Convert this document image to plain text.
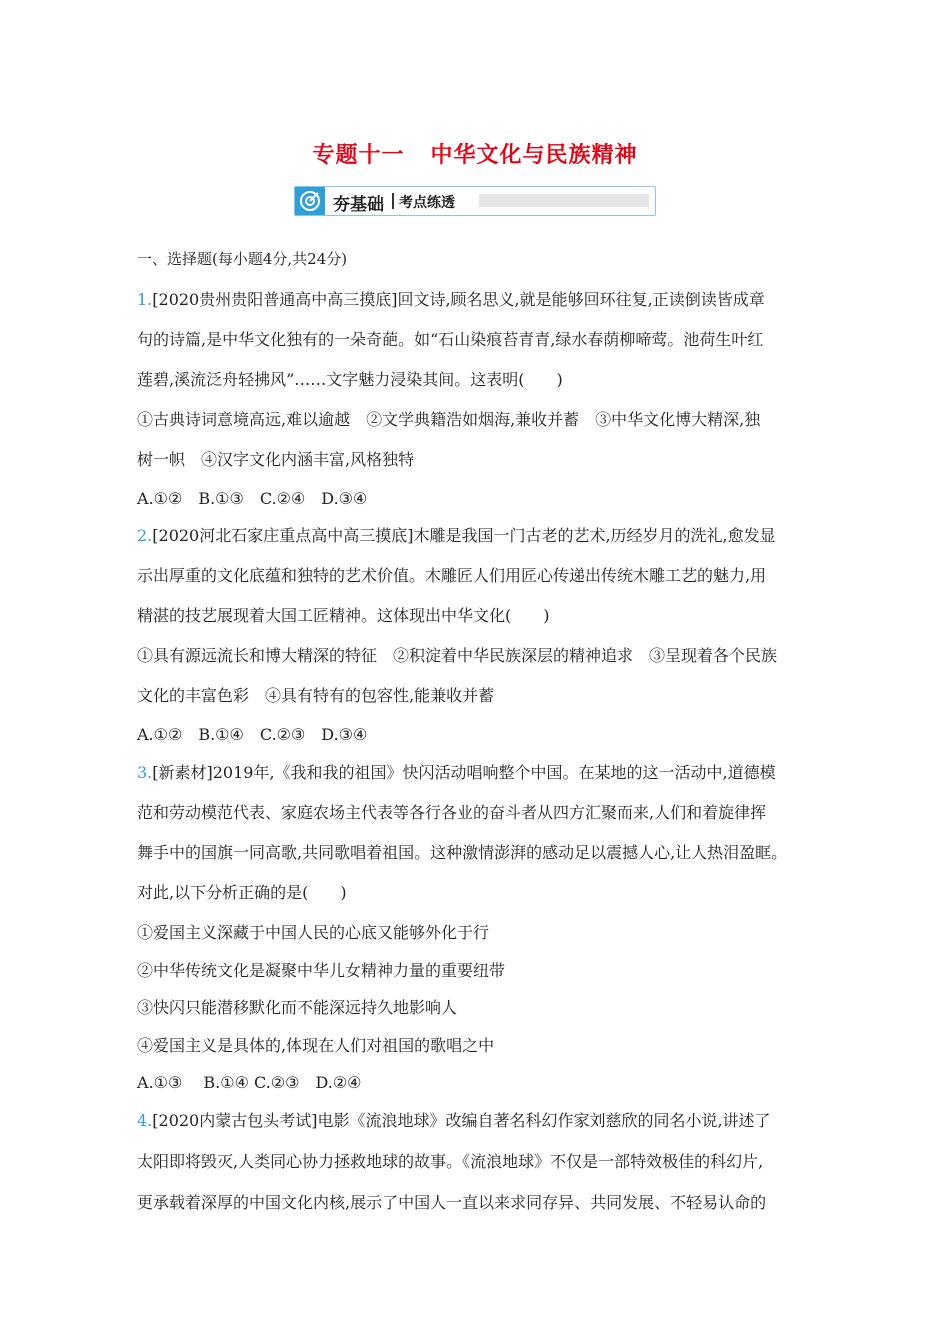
专题十一 中华文化与民族精神
夯基础 考点练透
一、选择题(每小题4分,共24分)
1.[2020贵州贵阳普通高中高三摸底]回文诗,顾名思义,就是能够回环往复,正读倒读皆成章
句的诗篇,是中华文化独有的一朵奇葩。如“石山染痕苔青青,绿水春荫柳啼莺。池荷生叶红
莲碧,溪流泛舟轻拂风”……文字魅力浸染其间。这表明(　　)
①古典诗词意境高远,难以逾越　②文学典籍浩如烟海,兼收并蓄　③中华文化博大精深,独
树一帜　④汉字文化内涵丰富,风格独特
A.①②　B.①③　C.②④　D.③④
2.[2020河北石家庄重点高中高三摸底]木雕是我国一门古老的艺术,历经岁月的洗礼,愈发显
示出厚重的文化底蕴和独特的艺术价值。木雕匠人们用匠心传递出传统木雕工艺的魅力,用
精湛的技艺展现着大国工匠精神。这体现出中华文化(　　)
①具有源远流长和博大精深的特征　②积淀着中华民族深层的精神追求　③呈现着各个民族
文化的丰富色彩　④具有特有的包容性,能兼收并蓄
A.①②　B.①④　C.②③　D.③④
3.[新素材]2019年,《我和我的祖国》快闪活动唱响整个中国。在某地的这一活动中,道德模
范和劳动模范代表、家庭农场主代表等各行各业的奋斗者从四方汇聚而来,人们和着旋律挥
舞手中的国旗一同高歌,共同歌唱着祖国。这种激情澎湃的感动足以震撼人心,让人热泪盈眶。
对此,以下分析正确的是(　　)
①爱国主义深藏于中国人民的心底又能够外化于行
②中华传统文化是凝聚中华儿女精神力量的重要纽带
③快闪只能潜移默化而不能深远持久地影响人
④爱国主义是具体的,体现在人们对祖国的歌唱之中
A.①③　 B.①④ C.②③　D.②④
4.[2020内蒙古包头考试]电影《流浪地球》改编自著名科幻作家刘慈欣的同名小说,讲述了
太阳即将毁灭,人类同心协力拯救地球的故事。《流浪地球》不仅是一部特效极佳的科幻片,
更承载着深厚的中国文化内核,展示了中国人一直以来求同存异、共同发展、不轻易认命的
